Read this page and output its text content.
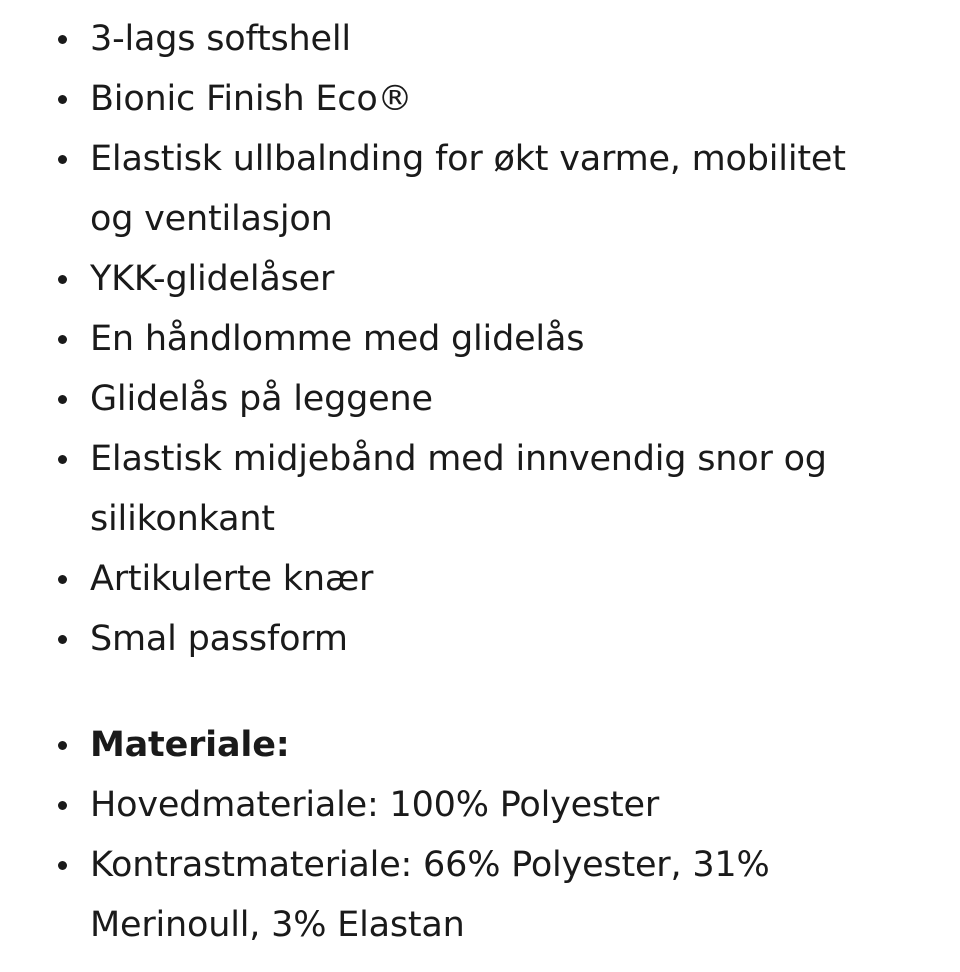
3-lags softshell
Bionic Finish Eco®
Elastisk ullbalnding for økt varme, mobilitet og ventilasjon
YKK-glidelåser
En håndlomme med glidelås
Glidelås på leggene
Elastisk midjebånd med innvendig snor og silikonkant
Artikulerte knær
Smal passform
Materiale:
Hovedmateriale: 100% Polyester
Kontrastmateriale: 66% Polyester, 31% Merinoull, 3% Elastan
